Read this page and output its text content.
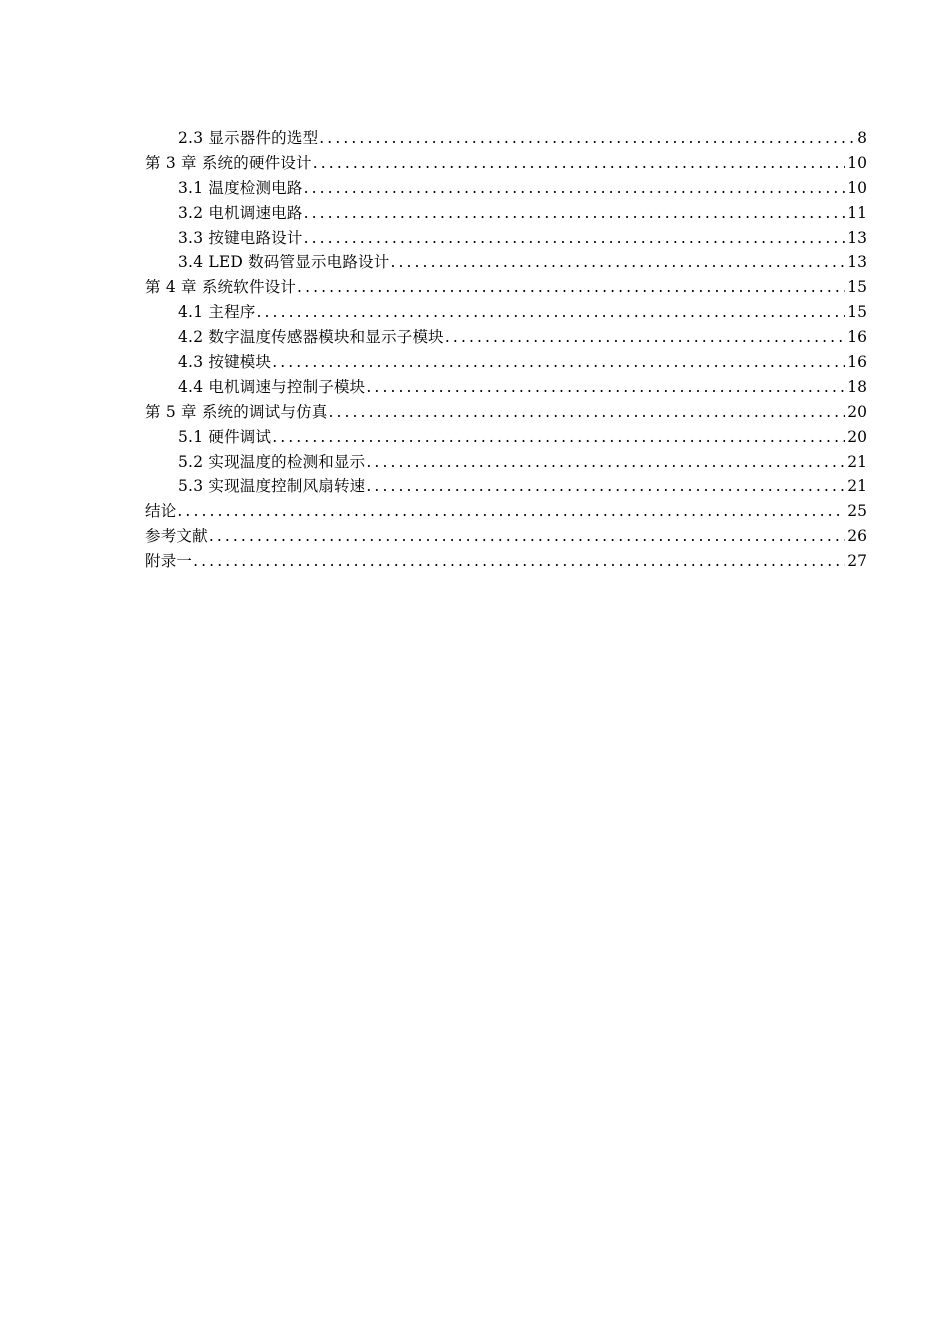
2.3 显示器件的选型 .....	8
第 3 章 系统的硬件设计 .....	10
3.1 温度检测电路 .....	10
3.2 电机调速电路 .....	11
3.3 按键电路设计 .....	13
3.4 LED 数码管显示电路设计 .....	13
第 4 章 系统软件设计 .....	15
4.1 主程序 .....	15
4.2 数字温度传感器模块和显示子模块 .....	16
4.3 按键模块 .....	16
4.4 电机调速与控制子模块 .....	18
第 5 章 系统的调试与仿真 .....	20
5.1 硬件调试 .....	20
5.2 实现温度的检测和显示 .....	21
5.3 实现温度控制风扇转速 .....	21
结论 .....	25
参考文献 .....	26
附录一 .....	27
